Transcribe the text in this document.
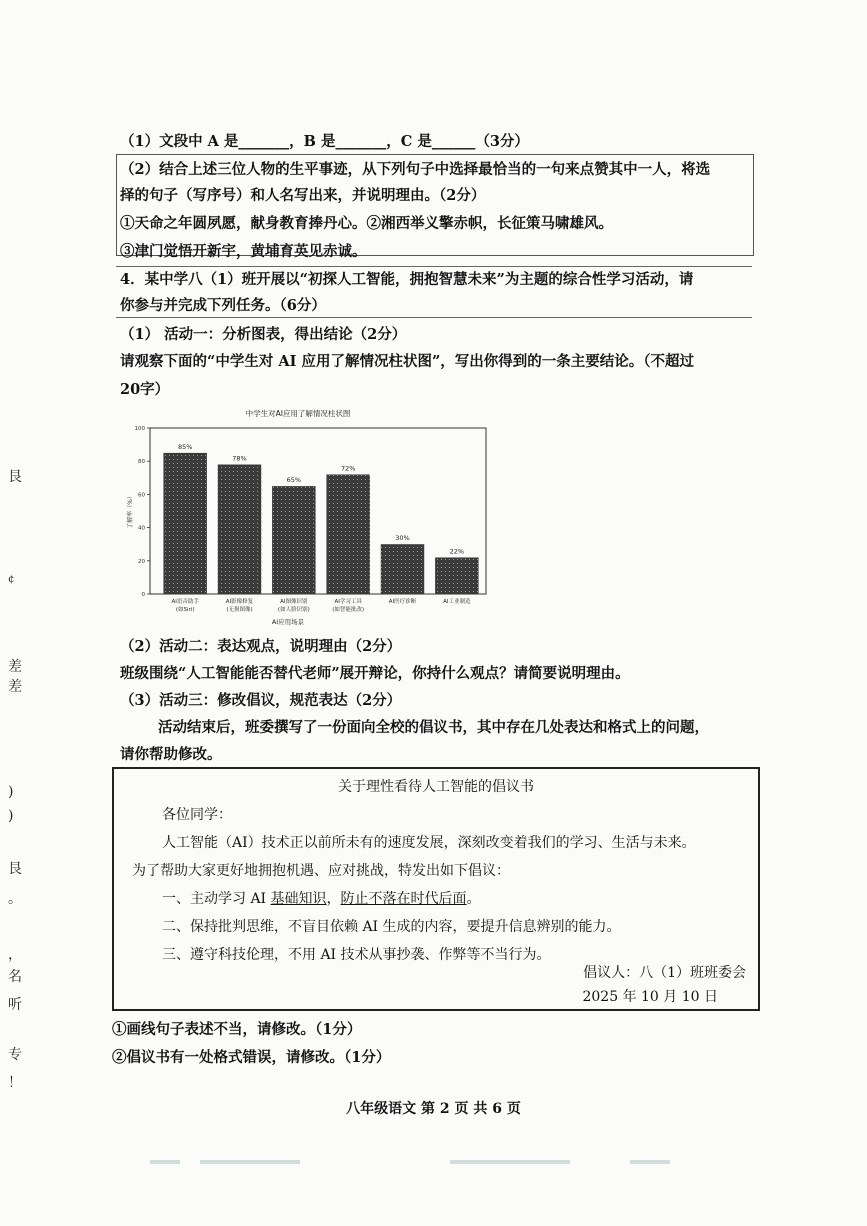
艮
¢
差
差
)
)
艮
。
，
名
听
专
！
（1）文段中 A 是_______，B 是_______，C 是______（3分）
（2）结合上述三位人物的生平事迹，从下列句子中选择最恰当的一句来点赞其中一人，将选
择的句子（写序号）和人名写出来，并说明理由。（2分）
①天命之年圆夙愿，献身教育捧丹心。②湘西举义擎赤帜，长征策马啸雄风。
③津门觉悟开新宇，黄埔育英见赤诚。
4．某中学八（1）班开展以“初探人工智能，拥抱智慧未来”为主题的综合性学习活动，请
你参与并完成下列任务。（6分）
（1） 活动一：分析图表，得出结论（2分）
请观察下面的“中学生对 AI 应用了解情况柱状图”，写出你得到的一条主要结论。（不超过
20字）
中学生对AI应用了解情况柱状图
0
20
40
60
80
100
了解率（%）
85%
AI语音助手
(如Siri)
78%
AI影像修复
(无损图像)
65%
AI图像识别
(如人脸识别)
72%
AI学习工具
(如智能批改)
30%
AI医疗诊断
22%
AI工业制造
AI应用场景
（2）活动二：表达观点，说明理由（2分）
班级围绕“人工智能能否替代老师”展开辩论，你持什么观点？请简要说明理由。
（3）活动三：修改倡议，规范表达（2分）
活动结束后，班委撰写了一份面向全校的倡议书，其中存在几处表达和格式上的问题，
请你帮助修改。
关于理性看待人工智能的倡议书
各位同学：
人工智能（AI）技术正以前所未有的速度发展，深刻改变着我们的学习、生活与未来。
为了帮助大家更好地拥抱机遇、应对挑战，特发出如下倡议：
一、主动学习 AI 基础知识，防止不落在时代后面。
二、保持批判思维，不盲目依赖 AI 生成的内容，要提升信息辨别的能力。
三、遵守科技伦理，不用 AI 技术从事抄袭、作弊等不当行为。
倡议人：八（1）班班委会
2025 年 10 月 10 日
①画线句子表述不当，请修改。（1分）
②倡议书有一处格式错误，请修改。（1分）
八年级语文 第 2 页 共 6 页
